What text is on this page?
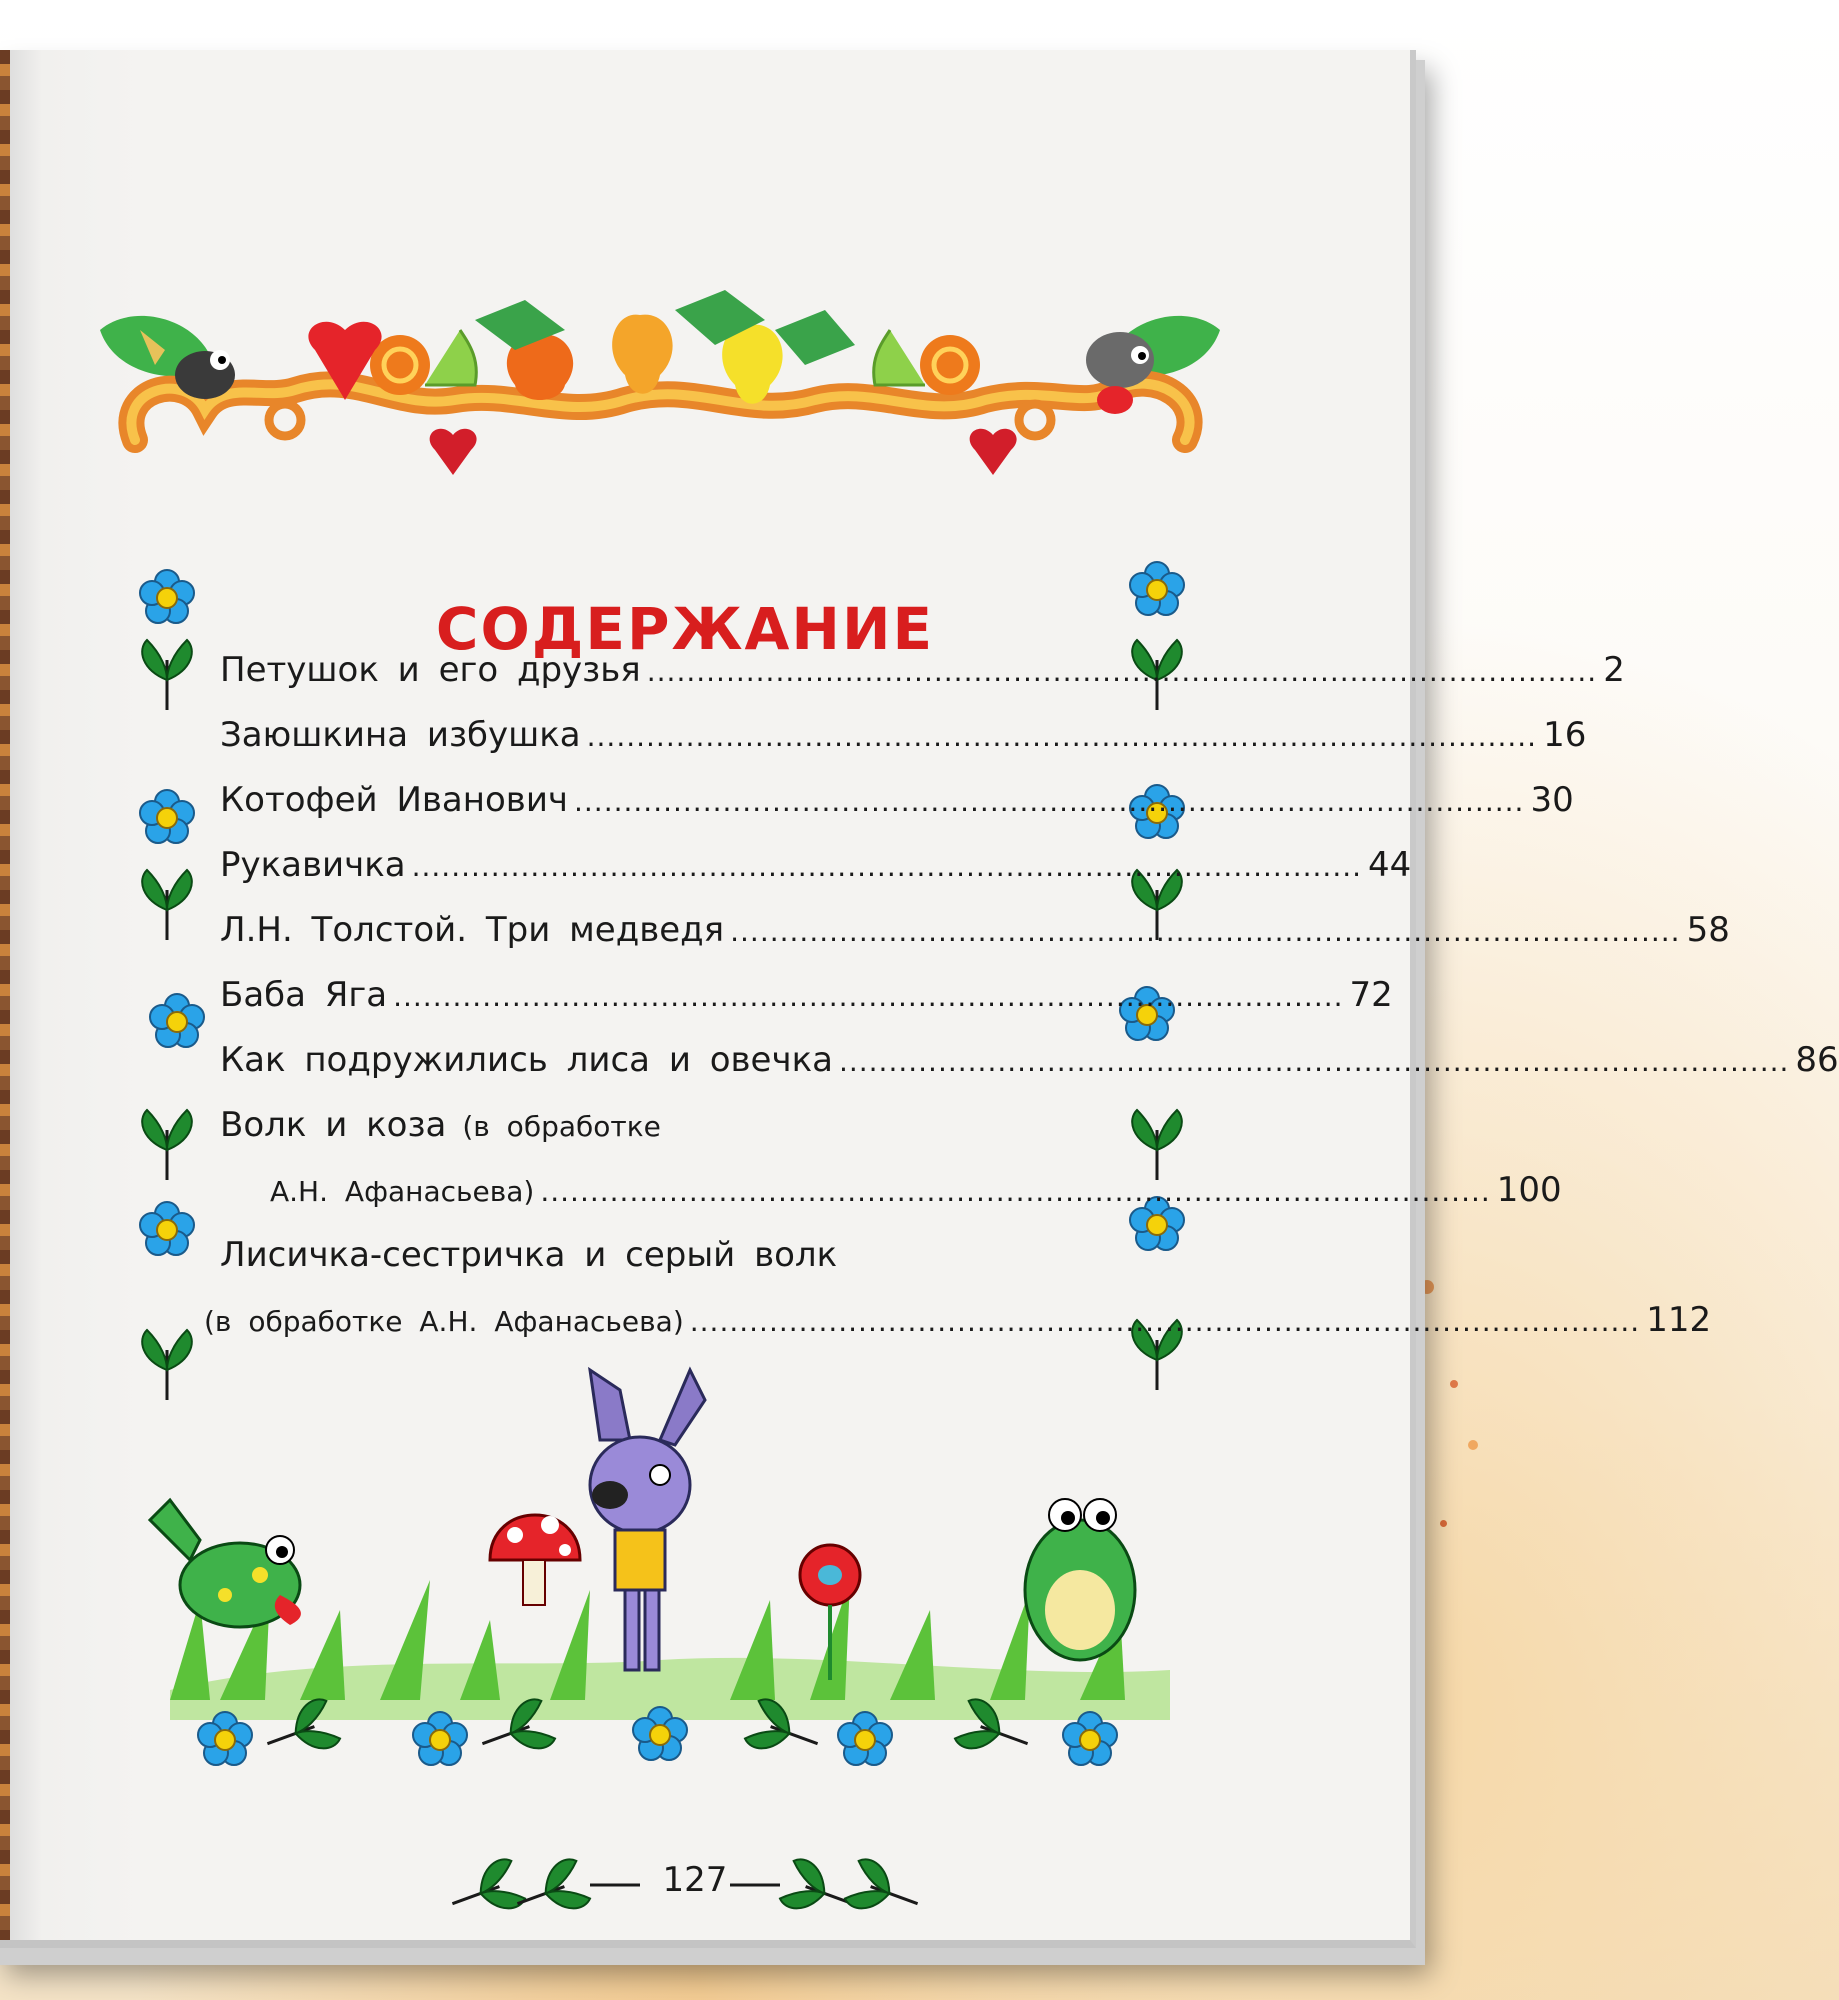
СОДЕРЖАНИЕ
Петушок и его друзья ................................................................................................ 2
Заюшкина избушка ................................................................................................ 16
Котофей Иванович ................................................................................................ 30
Рукавичка ................................................................................................ 44
Л.Н. Толстой. Три медведя ................................................................................................ 58
Баба Яга ................................................................................................ 72
Как подружились лиса и овечка ................................................................................................ 86
Волк и коза (в обработке
А.Н. Афанасьева) ................................................................................................ 100
Лисичка-сестричка и серый волк
(в обработке А.Н. Афанасьева) ................................................................................................ 112
127
